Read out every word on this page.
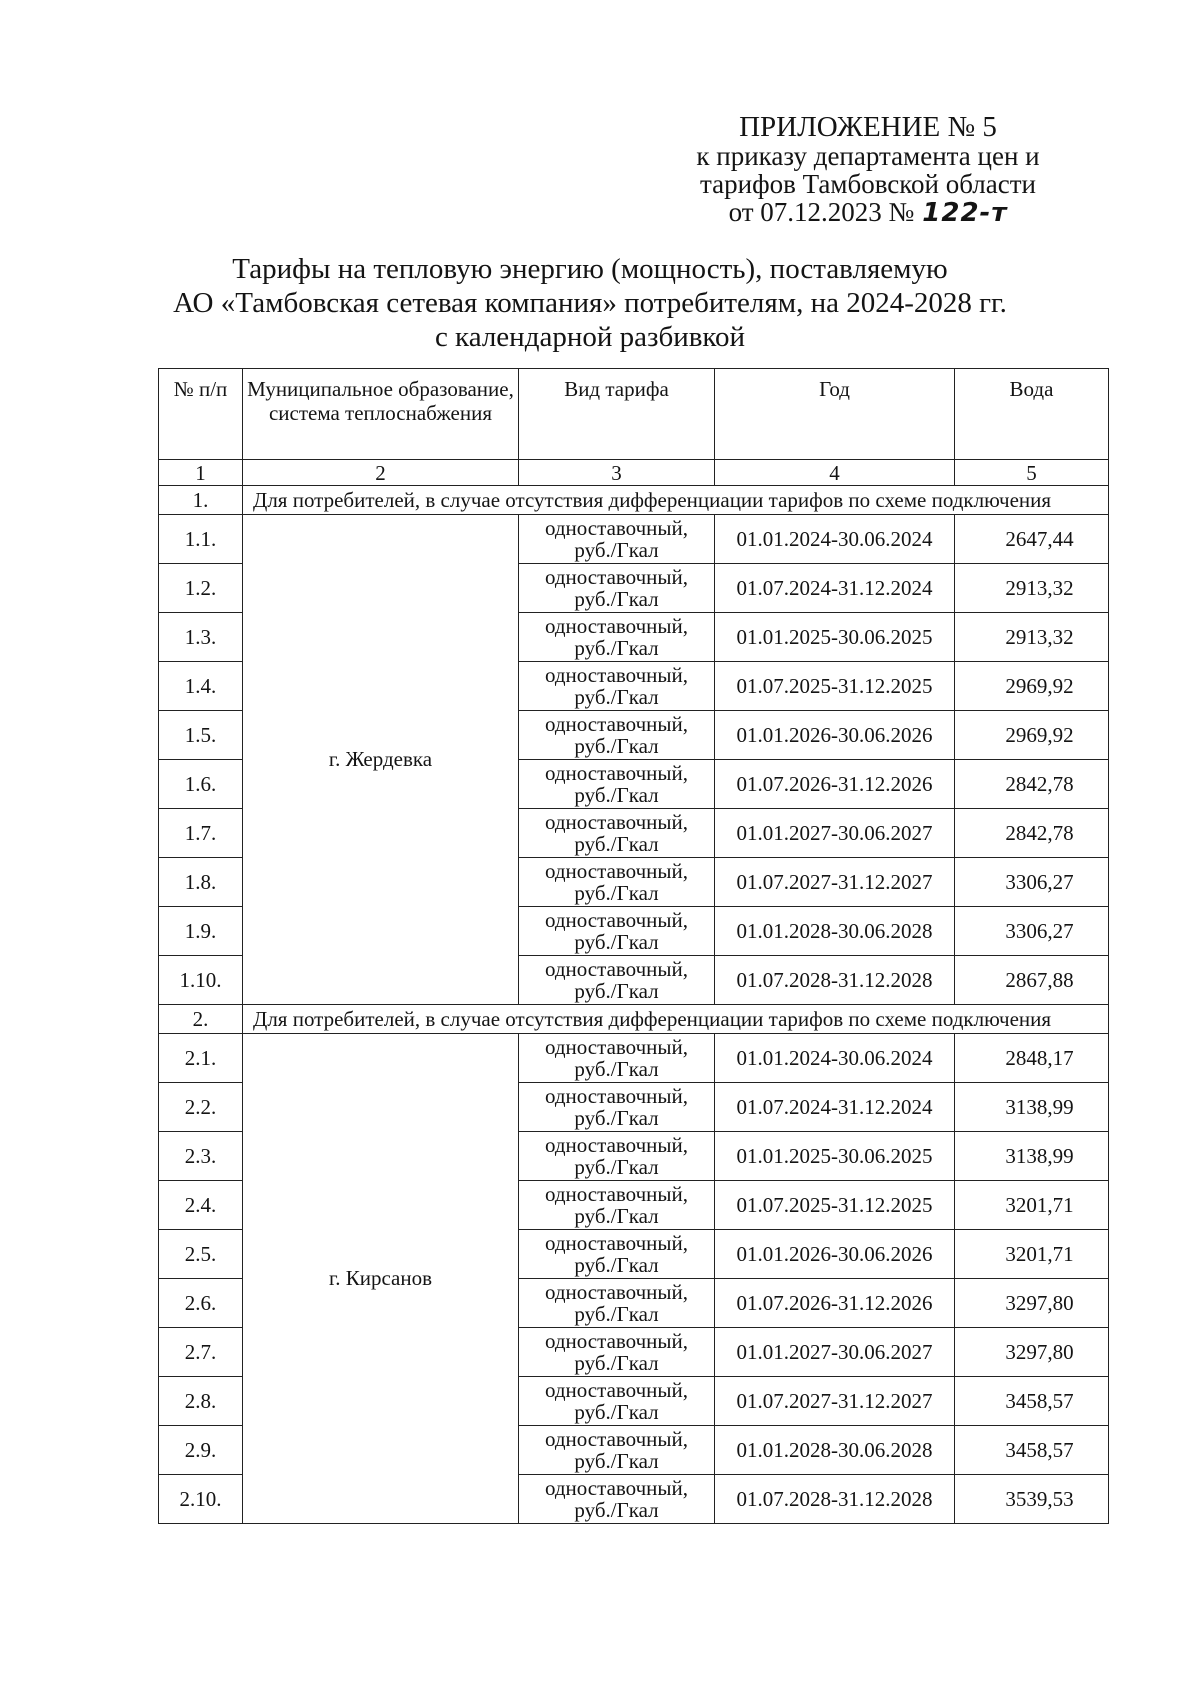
ПРИЛОЖЕНИЕ № 5
к приказу департамента цен и
тарифов Тамбовской области
от 07.12.2023 № 122-т
Тарифы на тепловую энергию (мощность), поставляемую
АО «Тамбовская сетевая компания» потребителям, на 2024-2028 гг.
с календарной разбивкой
№ п/п	Муниципальное образование, система теплоснабжения	Вид тарифа	Год	Вода
1	2	3	4	5
1.	Для потребителей, в случае отсутствия дифференциации тарифов по схеме подключения			
1.1.	г. Жердевка	одноставочный, руб./Гкал	01.01.2024-30.06.2024	2647,44
1.2.		одноставочный, руб./Гкал	01.07.2024-31.12.2024	2913,32
1.3.		одноставочный, руб./Гкал	01.01.2025-30.06.2025	2913,32
1.4.		одноставочный, руб./Гкал	01.07.2025-31.12.2025	2969,92
1.5.		одноставочный, руб./Гкал	01.01.2026-30.06.2026	2969,92
1.6.		одноставочный, руб./Гкал	01.07.2026-31.12.2026	2842,78
1.7.		одноставочный, руб./Гкал	01.01.2027-30.06.2027	2842,78
1.8.		одноставочный, руб./Гкал	01.07.2027-31.12.2027	3306,27
1.9.		одноставочный, руб./Гкал	01.01.2028-30.06.2028	3306,27
1.10.		одноставочный, руб./Гкал	01.07.2028-31.12.2028	2867,88
2.	Для потребителей, в случае отсутствия дифференциации тарифов по схеме подключения			
2.1.	г. Кирсанов	одноставочный, руб./Гкал	01.01.2024-30.06.2024	2848,17
2.2.		одноставочный, руб./Гкал	01.07.2024-31.12.2024	3138,99
2.3.		одноставочный, руб./Гкал	01.01.2025-30.06.2025	3138,99
2.4.		одноставочный, руб./Гкал	01.07.2025-31.12.2025	3201,71
2.5.		одноставочный, руб./Гкал	01.01.2026-30.06.2026	3201,71
2.6.		одноставочный, руб./Гкал	01.07.2026-31.12.2026	3297,80
2.7.		одноставочный, руб./Гкал	01.01.2027-30.06.2027	3297,80
2.8.		одноставочный, руб./Гкал	01.07.2027-31.12.2027	3458,57
2.9.		одноставочный, руб./Гкал	01.01.2028-30.06.2028	3458,57
2.10.		одноставочный, руб./Гкал	01.07.2028-31.12.2028	3539,53
